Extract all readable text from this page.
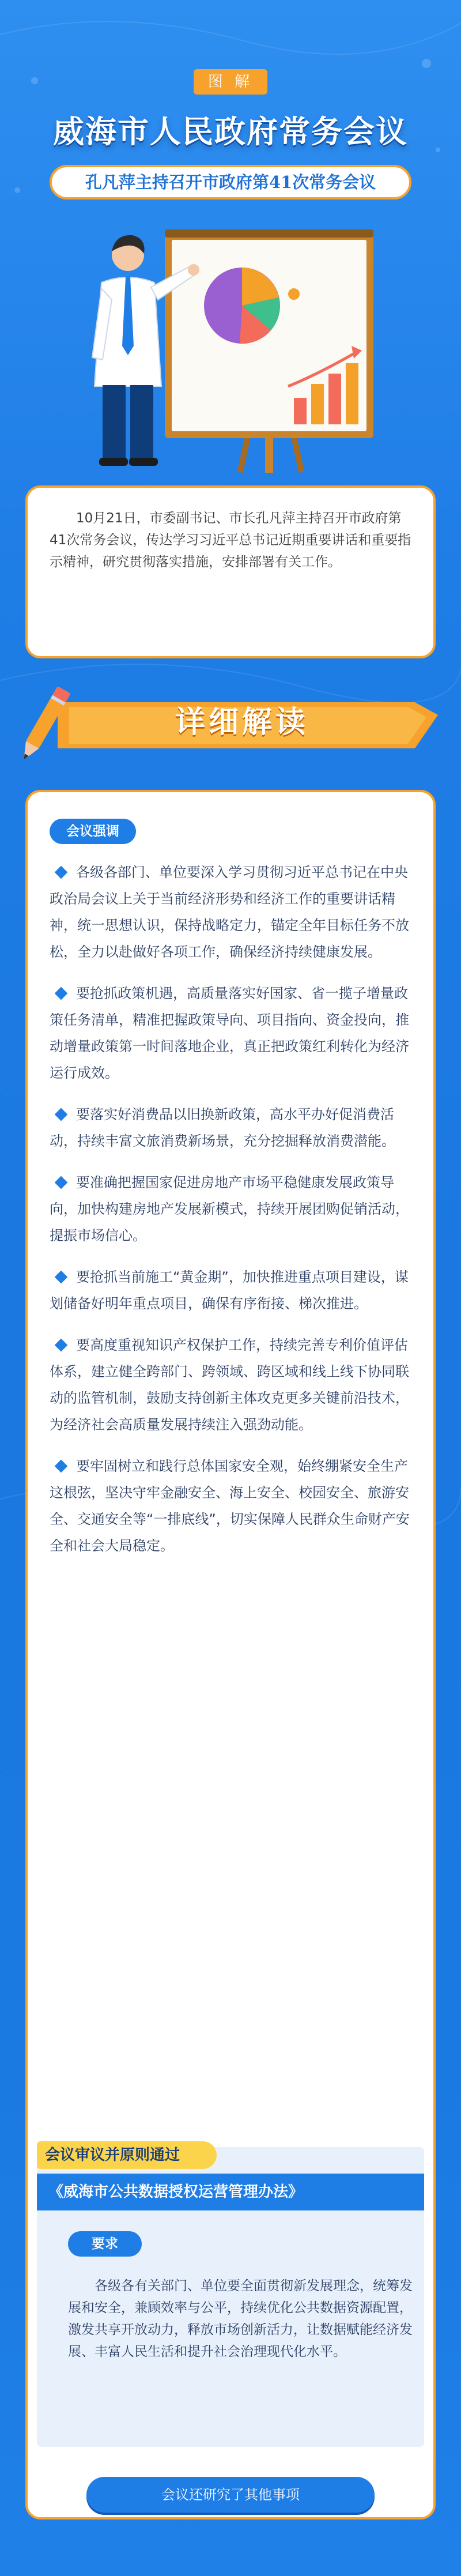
图 解
威海市人民政府常务会议
孔凡萍主持召开市政府第41次常务会议
10月21日，市委副书记、市长孔凡萍主持召开市政府第41次常务会议，传达学习习近平总书记近期重要讲话和重要指示精神，研究贯彻落实措施，安排部署有关工作。
详细解读
会议强调

各级各部门、单位要深入学习贯彻习近平总书记在中央政治局会议上关于当前经济形势和经济工作的重要讲话精神，统一思想认识，保持战略定力，锚定全年目标任务不放松，全力以赴做好各项工作，确保经济持续健康发展。

要抢抓政策机遇，高质量落实好国家、省一揽子增量政策任务清单，精准把握政策导向、项目指向、资金投向，推动增量政策第一时间落地企业，真正把政策红利转化为经济运行成效。

要落实好消费品以旧换新政策，高水平办好促消费活动，持续丰富文旅消费新场景，充分挖掘释放消费潜能。

要准确把握国家促进房地产市场平稳健康发展政策导向，加快构建房地产发展新模式，持续开展团购促销活动，提振市场信心。

要抢抓当前施工“黄金期”，加快推进重点项目建设，谋划储备好明年重点项目，确保有序衔接、梯次推进。

要高度重视知识产权保护工作，持续完善专利价值评估体系，建立健全跨部门、跨领域、跨区域和线上线下协同联动的监管机制，鼓励支持创新主体攻克更多关键前沿技术，为经济社会高质量发展持续注入强劲动能。

要牢固树立和践行总体国家安全观，始终绷紧安全生产这根弦，坚决守牢金融安全、海上安全、校园安全、旅游安全、交通安全等“一排底线”，切实保障人民群众生命财产安全和社会大局稳定。

会议审议并原则通过
《威海市公共数据授权运营管理办法》
要求
各级各有关部门、单位要全面贯彻新发展理念，统筹发展和安全，兼顾效率与公平，持续优化公共数据资源配置，激发共享开放动力，释放市场创新活力，让数据赋能经济发展、丰富人民生活和提升社会治理现代化水平。
会议还研究了其他事项
